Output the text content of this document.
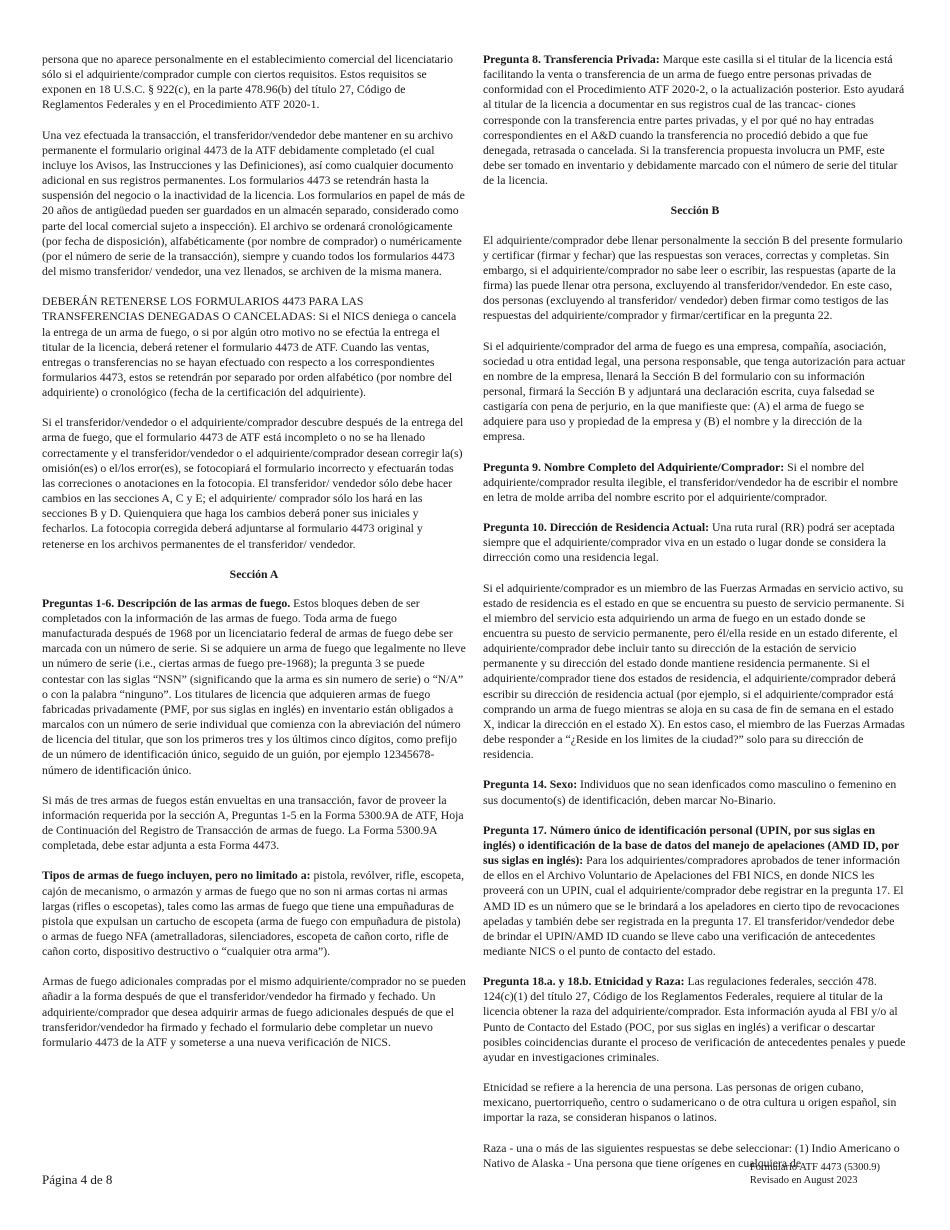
persona que no aparece personalmente en el establecimiento comercial del licenciatario sólo si el adquiriente/comprador cumple con ciertos requisitos. Estos requisitos se exponen en 18 U.S.C. § 922(c), en la parte 478.96(b) del título 27, Código de Reglamentos Federales y en el Procedimiento ATF 2020-1.

Una vez efectuada la transacción, el transferidor/vendedor debe mantener en su archivo permanente el formulario original 4473 de la ATF debidamente completado (el cual incluye los Avisos, las Instrucciones y las Definiciones), así como cualquier documento adicional en sus registros permanentes. Los formularios 4473 se retendrán hasta la suspensión del negocio o la inactividad de la licencia. Los formularios en papel de más de 20 años de antigüedad pueden ser guardados en un almacén separado, considerado como parte del local comercial sujeto a inspección). El archivo se ordenará cronológicamente (por fecha de disposición), alfabéticamente (por nombre de comprador) o numéricamente (por el número de serie de la transacción), siempre y cuando todos los formularios 4473 del mismo transferidor/ vendedor, una vez llenados, se archiven de la misma manera.

DEBERÁN RETENERSE LOS FORMULARIOS 4473 PARA LAS TRANSFERENCIAS DENEGADAS O CANCELADAS: Si el NICS deniega o cancela la entrega de un arma de fuego, o si por algún otro motivo no se efectúa la entrega el titular de la licencia, deberá retener el formulario 4473 de ATF. Cuando las ventas, entregas o transferencias no se hayan efectuado con respecto a los correspondientes formularios 4473, estos se retendrán por separado por orden alfabético (por nombre del adquiriente) o cronológico (fecha de la certificación del adquiriente).

Si el transferidor/vendedor o el adquiriente/comprador descubre después de la entrega del arma de fuego, que el formulario 4473 de ATF está incompleto o no se ha llenado correctamente y el transferidor/vendedor o el adquiriente/comprador desean corregir la(s) omisión(es) o el/los error(es), se fotocopiará el formulario incorrecto y efectuarán todas las correciones o anotaciones en la fotocopia. El transferidor/ vendedor sólo debe hacer cambios en las secciones A, C y E; el adquiriente/ comprador sólo los hará en las secciones B y D. Quienquiera que haga los cambios deberá poner sus iniciales y fecharlos. La fotocopia corregida deberá adjuntarse al formulario 4473 original y retenerse en los archivos permanentes de el transferidor/ vendedor.

Sección A

Preguntas 1-6. Descripción de las armas de fuego. Estos bloques deben de ser completados con la información de las armas de fuego. Toda arma de fuego manufacturada después de 1968 por un licenciatario federal de armas de fuego debe ser marcada con un número de serie. Si se adquiere un arma de fuego que legalmente no lleve un número de serie (i.e., ciertas armas de fuego pre-1968); la pregunta 3 se puede contestar con las siglas “NSN” (significando que la arma es sin numero de serie) o “N/A” o con la palabra “ninguno”. Los titulares de licencia que adquieren armas de fuego fabricadas privadamente (PMF, por sus siglas en inglés) en inventario están obligados a marcalos con un número de serie individual que comienza con la abreviación del número de licencia del titular, que son los primeros tres y los últimos cinco dígitos, como prefijo de un número de identificación único, seguido de un guión, por ejemplo 12345678- número de identificación único.

Si más de tres armas de fuegos están envueltas en una transacción, favor de proveer la información requerida por la sección A, Preguntas 1-5 en la Forma 5300.9A de ATF, Hoja de Continuación del Registro de Transacción de armas de fuego. La Forma 5300.9A completada, debe estar adjunta a esta Forma 4473.

Tipos de armas de fuego incluyen, pero no limitado a: pistola, revólver, rifle, escopeta, cajón de mecanismo, o armazón y armas de fuego que no son ni armas cortas ni armas largas (rifles o escopetas), tales como las armas de fuego que tiene una empuñaduras de pistola que expulsan un cartucho de escopeta (arma de fuego con empuñadura de pistola) o armas de fuego NFA (ametralladoras, silenciadores, escopeta de cañon corto, rifle de cañon corto, dispositivo destructivo o “cualquier otra arma”).

Armas de fuego adicionales compradas por el mismo adquiriente/comprador no se pueden añadir a la forma después de que el transferidor/vendedor ha firmado y fechado. Un adquiriente/comprador que desea adquirir armas de fuego adicionales después de que el transferidor/vendedor ha firmado y fechado el formulario debe completar un nuevo formulario 4473 de la ATF y someterse a una nueva verificación de NICS.

Pregunta 8. Transferencia Privada: Marque este casilla si el titular de la licencia está facilitando la venta o transferencia de un arma de fuego entre personas privadas de conformidad con el Procedimiento ATF 2020-2, o la actualización posterior. Esto ayudará al titular de la licencia a documentar en sus registros cual de las trancac- ciones corresponde con la transferencia entre partes privadas, y el por qué no hay entradas correspondientes en el A&D cuando la transferencia no procedió debido a que fue denegada, retrasada o cancelada. Si la transferencia propuesta involucra un PMF, este debe ser tomado en inventario y debidamente marcado con el número de serie del titular de la licencia.

Sección B

El adquiriente/comprador debe llenar personalmente la sección B del presente formulario y certificar (firmar y fechar) que las respuestas son veraces, correctas y completas. Sin embargo, si el adquiriente/comprador no sabe leer o escribir, las respuestas (aparte de la firma) las puede llenar otra persona, excluyendo al transferidor/vendedor. En este caso, dos personas (excluyendo al transferidor/ vendedor) deben firmar como testigos de las respuestas del adquiriente/comprador y firmar/certificar en la pregunta 22.

Si el adquiriente/comprador del arma de fuego es una empresa, compañía, asociación, sociedad u otra entidad legal, una persona responsable, que tenga autorización para actuar en nombre de la empresa, llenará la Sección B del formulario con su información personal, firmará la Sección B y adjuntará una declaración escrita, cuya falsedad se castigaría con pena de perjurio, en la que manifieste que: (A) el arma de fuego se adquiere para uso y propiedad de la empresa y (B) el nombre y la dirección de la empresa.

Pregunta 9. Nombre Completo del Adquiriente/Comprador: Si el nombre del adquiriente/comprador resulta ilegible, el transferidor/vendedor ha de escribir el nombre en letra de molde arriba del nombre escrito por el adquiriente/comprador.

Pregunta 10. Dirección de Residencia Actual: Una ruta rural (RR) podrá ser aceptada siempre que el adquiriente/comprador viva en un estado o lugar donde se considera la dirrección como una residencia legal.

Si el adquiriente/comprador es un miembro de las Fuerzas Armadas en servicio activo, su estado de residencia es el estado en que se encuentra su puesto de servicio permanente. Si el miembro del servicio esta adquiriendo un arma de fuego en un estado donde se encuentra su puesto de servicio permanente, pero él/ella reside en un estado diferente, el adquiriente/comprador debe incluir tanto su dirección de la estación de servicio permanente y su dirección del estado donde mantiene residencia permanente. Si el adquiriente/comprador tiene dos estados de residencia, el adquiriente/comprador deberá escribir su dirección de residencia actual (por ejemplo, si el adquiriente/comprador está comprando un arma de fuego mientras se aloja en su casa de fin de semana en el estado X, indicar la dirección en el estado X). En estos caso, el miembro de las Fuerzas Armadas debe responder a “¿Reside en los limites de la ciudad?” solo para su dirección de residencia.

Pregunta 14. Sexo: Individuos que no sean idenficados como masculino o femenino en sus documento(s) de identificación, deben marcar No-Binario.

Pregunta 17. Número único de identificación personal (UPIN, por sus siglas en inglés) o identificación de la base de datos del manejo de apelaciones (AMD ID, por sus siglas en inglés): Para los adquirientes/compradores aprobados de tener información de ellos en el Archivo Voluntario de Apelaciones del FBI NICS, en donde NICS les proveerá con un UPIN, cual el adquiriente/comprador debe registrar en la pregunta 17. El AMD ID es un número que se le brindará a los apeladores en cierto tipo de revocaciones apeladas y también debe ser registrada en la pregunta 17. El transferidor/vendedor debe de brindar el UPIN/AMD ID cuando se lleve cabo una verificación de antecedentes mediante NICS o el punto de contacto del estado.

Pregunta 18.a. y 18.b. Etnicidad y Raza: Las regulaciones federales, sección 478. 124(c)(1) del título 27, Código de los Reglamentos Federales, requiere al titular de la licencia obtener la raza del adquiriente/comprador. Esta información ayuda al FBI y/o al Punto de Contacto del Estado (POC, por sus siglas en inglés) a verificar o descartar posibles coincidencias durante el proceso de verificación de antecedentes penales y puede ayudar en investigaciones criminales.

Etnicidad se refiere a la herencia de una persona. Las personas de origen cubano, mexicano, puertorriqueño, centro o sudamericano o de otra cultura u origen español, sin importar la raza, se consideran hispanos o latinos.

Raza - una o más de las siguientes respuestas se debe seleccionar: (1) Indio Americano o Nativo de Alaska - Una persona que tiene orígenes en cualquiera de

Página 4 de 8
Formulario ATF 4473 (5300.9)
Revisado en August 2023
